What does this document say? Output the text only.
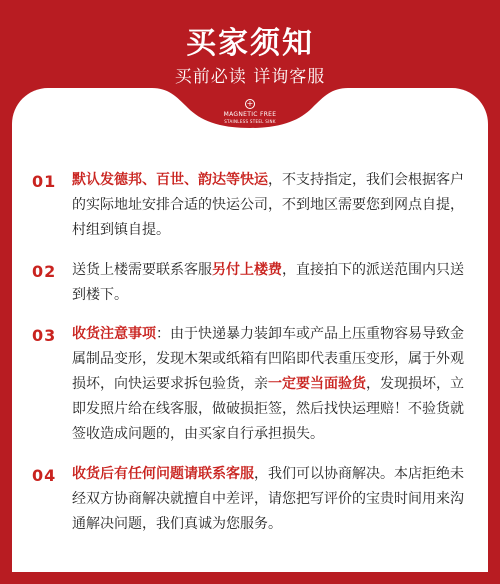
买家须知
买前必读 详询客服
+
MAGNETIC FREE
STAINLESS STEEL SINK
01	默认发德邦、百世、韵达等快运，不支持指定，我们会根据客户的实际地址安排合适的快运公司，不到地区需要您到网点自提，村组到镇自提。
02	送货上楼需要联系客服另付上楼费，直接拍下的派送范围内只送到楼下。
03	收货注意事项：由于快递暴力装卸车或产品上压重物容易导致金属制品变形，发现木架或纸箱有凹陷即代表重压变形，属于外观损坏，向快运要求拆包验货，亲一定要当面验货，发现损坏，立即发照片给在线客服，做破损拒签，然后找快运理赔！不验货就签收造成问题的，由买家自行承担损失。
04	收货后有任何问题请联系客服，我们可以协商解决。本店拒绝未经双方协商解决就擅自中差评，请您把写评价的宝贵时间用来沟通解决问题，我们真诚为您服务。
